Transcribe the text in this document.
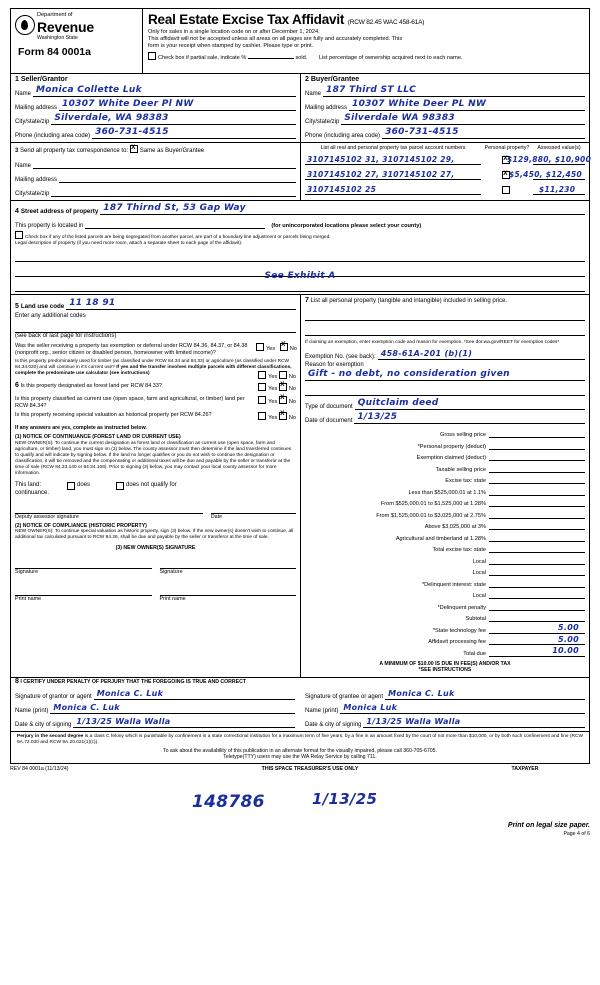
Department of
Revenue
Washington State
Form 84 0001a
Real Estate Excise Tax Affidavit (RCW 82.45 WAC 458-61A)
Only for sales in a single location code on or after December 1, 2024.
This affidavit will not be accepted unless all areas on all pages are fully and accurately completed. This
form is your receipt when stamped by cashier. Please type or print.
Check box if partial sale, indicate %	sold. List percentage of ownership acquired next to each name.
1 Seller/Grantor
Name Monica Collette Luk
Mailing address 10307 White Deer Pl NW
City/state/zip Silverdale, WA 98383
Phone (including area code) 360-731-4515
2 Buyer/Grantee
Name 187 Third ST LLC
Mailing address 10307 White Deer PL NW
City/state/zip Silverdale WA 98383
Phone (including area code) 360-731-4515
3 Send all property tax correspondence to: X Same as Buyer/Grantee
Name
Mailing address
City/state/zip
List all real and personal property tax parcel account numbers	Personal property?	Assessed value(s)
3107145102 31, 3107145102 29, X	$129,880, $10,900
3107145102 27, 3107145102 27, X	$5,450, $12,450
3107145102 25	$11,230
4 Street address of property 187 Thirnd St, 53 Gap Way
This property is located in	(for unincorporated locations please select your county)
Check box if any of the listed parcels are being segregated from another parcel, are part of a boundary line adjustment or parcels being merged.
Legal description of property (if you need more room, attach a separate sheet to each page of the affidavit).
See Exhibit A
5 Land use code 11 18 91
Enter any additional codes
(see back of last page for instructions)
Was the seller receiving a property tax exemption or deferral under RCW 84.36, 84.37, or 84.38 (nonprofit org., senior citizen or disabled person, homeowner with limited income)?
Yes X	No
Is this property predominately used for timber (as classified under RCW 84.34 and 84.33) or agriculture (as classified under RCW 84.34.020) and will continue in it's current use? If yes and the transfer involves multiple parcels with different classifications, complete the predominate use calculator (see instructions)
Yes No
6 Is this property designated as forest land per RCW 84.33?	Yes X No
Is this property classified as current use (open space, farm and agricultural, or timber) land per RCW 84.34?
Yes X No
Is this property receiving special valuation as historical property per RCW 84.26?	Yes X No
If any answers are yes, complete as instructed below.
(1) NOTICE OF CONTINUANCE (FOREST LAND OR CURRENT USE)
NEW OWNER(S): To continue the current designation as forest land or classification as current use (open space, farm and agriculture, or timber) land, you must sign on (3) below. The county assessor must then determine if the land transferred continues to qualify and will indicate by signing below. If the land no longer qualifies or you do not wish to continue the designation or classification, it will be removed and the compensating or additional taxes will be due and payable by the seller or transferor at the time of sale (RCW 84.33.140 or 84.34.108). Prior to signing (3) below, you may contact your local county assessor for more information.
This land:	does	does not qualify for
continuance.
Deputy assessor signature	Date
(2) NOTICE OF COMPLIANCE (HISTORIC PROPERTY)
NEW OWNER(S): To continue special valuation as historic property, sign (3) below. If the new owner(s) doesn't wish to continue, all additional tax calculated pursuant to RCW 84.26, shall be due and payable by the seller or transferor at the time of sale.
(3) NEW OWNER(S) SIGNATURE
Signature	Signature
Print name	Print name
7 List all personal property (tangible and intangible) included in selling price.
If claiming an exemption, enter exemption code and reason for exemption. *See dor.wa.gov/REET for exemption codes*
Exemption No. (see back): 458-61A-201 (b)(1)
Reason for exemption
Gift - no debt, no consideration given
Type of document Quitclaim deed
Date of document 1/13/25
Gross selling price
*Personal property (deduct)
Exemption claimed (deduct)
Taxable selling price
Excise tax: state
Less than $525,000.01 at 1.1%
From $525,000.01 to $1,525,000 at 1.28%
From $1,525,000.01 to $3,025,000 at 2.75%
Above $3,025,000 at 3%
Agricultural and timberland at 1.28%
Total excise tax: state
Local
Local
*Delinquent interest: state
Local
*Delinquent penalty
Subtotal
*State technology fee	5.00
Affidavit processing fee	5.00
Total due	10.00
A MINIMUM OF $10.00 IS DUE IN FEE(S) AND/OR TAX
*SEE INSTRUCTIONS
8 I CERTIFY UNDER PENALTY OF PERJURY THAT THE FOREGOING IS TRUE AND CORRECT
Signature of grantor or agent Monica C. Luk
Name (print) Monica C. Luk
Date & city of signing 1/13/25 Walla Walla
Signature of grantee or agent Monica C. Luk
Name (print) Monica Luk
Date & city of signing 1/13/25 Walla Walla
Perjury in the second degree is a class C felony which is punishable by confinement in a state correctional institution for a maximum term of five years, by a fine in an amount fixed by the court of not more than $10,000, or by both such confinement and fine (RCW 9A.72.030 and RCW 9A.20.021(1)(c)).
To ask about the availability of this publication in an alternate format for the visually impaired, please call 360-705-6705.
Teletype(TTY) users may use the WA Relay Service by calling 711.
REV 84 0001a (11/13/24)	THIS SPACE TREASURER'S USE ONLY	TAXPAYER
148786	1/13/25
Print on legal size paper.
Page 4 of 6
